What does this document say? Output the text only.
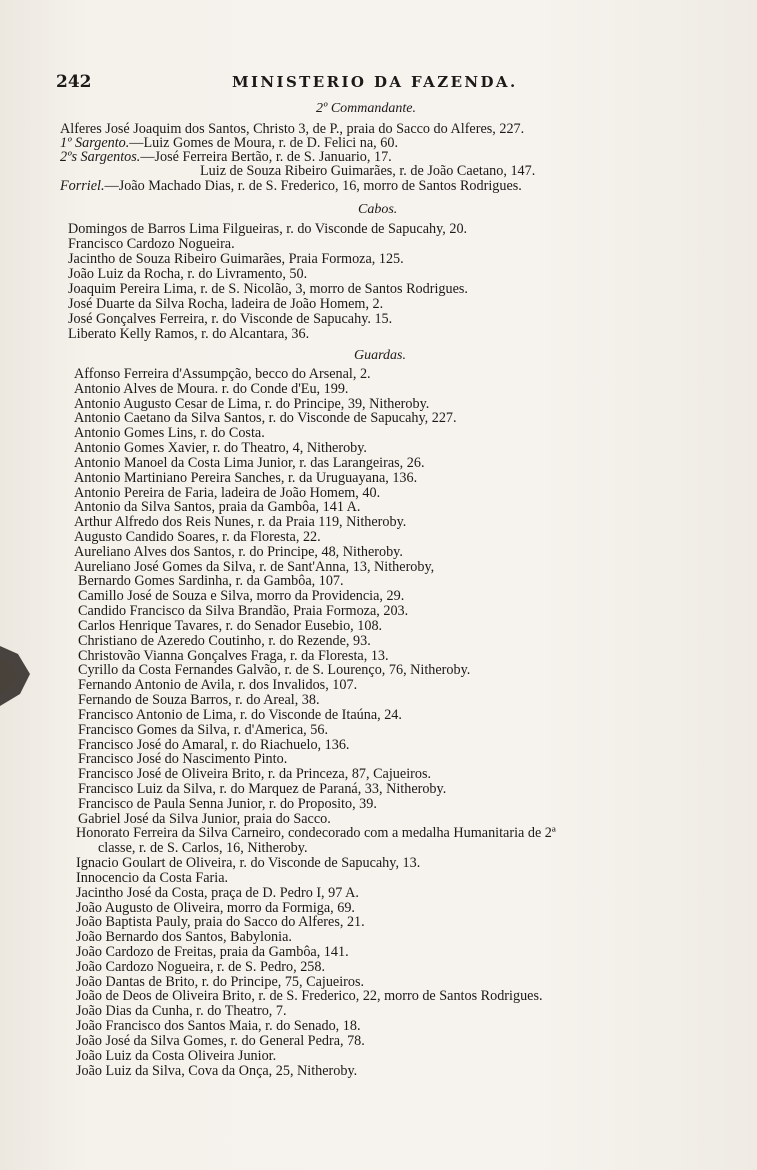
242	MINISTERIO DA FAZENDA.
2º Commandante.
Alferes José Joaquim dos Santos, Christo 3, de P., praia do Sacco do Alferes, 227.
1º Sargento.—Luiz Gomes de Moura, r. de D. Felici na, 60.
2ºs Sargentos.—José Ferreira Bertão, r. de S. Januario, 17.
Luiz de Souza Ribeiro Guimarães, r. de João Caetano, 147.
Forriel.—João Machado Dias, r. de S. Frederico, 16, morro de Santos Rodrigues.
Cabos.
Domingos de Barros Lima Filgueiras, r. do Visconde de Sapucahy, 20.
Francisco Cardozo Nogueira.
Jacintho de Souza Ribeiro Guimarães, Praia Formoza, 125.
João Luiz da Rocha, r. do Livramento, 50.
Joaquim Pereira Lima, r. de S. Nicolão, 3, morro de Santos Rodrigues.
José Duarte da Silva Rocha, ladeira de João Homem, 2.
José Gonçalves Ferreira, r. do Visconde de Sapucahy. 15.
Liberato Kelly Ramos, r. do Alcantara, 36.
Guardas.
Affonso Ferreira d'Assumpção, becco do Arsenal, 2.
Antonio Alves de Moura. r. do Conde d'Eu, 199.
Antonio Augusto Cesar de Lima, r. do Principe, 39, Nitheroby.
Antonio Caetano da Silva Santos, r. do Visconde de Sapucahy, 227.
Antonio Gomes Lins, r. do Costa.
Antonio Gomes Xavier, r. do Theatro, 4, Nitheroby.
Antonio Manoel da Costa Lima Junior, r. das Larangeiras, 26.
Antonio Martiniano Pereira Sanches, r. da Uruguayana, 136.
Antonio Pereira de Faria, ladeira de João Homem, 40.
Antonio da Silva Santos, praia da Gambôa, 141 A.
Arthur Alfredo dos Reis Nunes, r. da Praia 119, Nitheroby.
Augusto Candido Soares, r. da Floresta, 22.
Aureliano Alves dos Santos, r. do Principe, 48, Nitheroby.
Aureliano José Gomes da Silva, r. de Sant'Anna, 13, Nitheroby,
Bernardo Gomes Sardinha, r. da Gambôa, 107.
Camillo José de Souza e Silva, morro da Providencia, 29.
Candido Francisco da Silva Brandão, Praia Formoza, 203.
Carlos Henrique Tavares, r. do Senador Eusebio, 108.
Christiano de Azeredo Coutinho, r. do Rezende, 93.
Christovão Vianna Gonçalves Fraga, r. da Floresta, 13.
Cyrillo da Costa Fernandes Galvão, r. de S. Lourenço, 76, Nitheroby.
Fernando Antonio de Avila, r. dos Invalidos, 107.
Fernando de Souza Barros, r. do Areal, 38.
Francisco Antonio de Lima, r. do Visconde de Itaúna, 24.
Francisco Gomes da Silva, r. d'America, 56.
Francisco José do Amaral, r. do Riachuelo, 136.
Francisco José do Nascimento Pinto.
Francisco José de Oliveira Brito, r. da Princeza, 87, Cajueiros.
Francisco Luiz da Silva, r. do Marquez de Paraná, 33, Nitheroby.
Francisco de Paula Senna Junior, r. do Proposito, 39.
Gabriel José da Silva Junior, praia do Sacco.
Honorato Ferreira da Silva Carneiro, condecorado com a medalha Humanitaria de 2ª
classe, r. de S. Carlos, 16, Nitheroby.
Ignacio Goulart de Oliveira, r. do Visconde de Sapucahy, 13.
Innocencio da Costa Faria.
Jacintho José da Costa, praça de D. Pedro I, 97 A.
João Augusto de Oliveira, morro da Formiga, 69.
João Baptista Pauly, praia do Sacco do Alferes, 21.
João Bernardo dos Santos, Babylonia.
João Cardozo de Freitas, praia da Gambôa, 141.
João Cardozo Nogueira, r. de S. Pedro, 258.
João Dantas de Brito, r. do Principe, 75, Cajueiros.
João de Deos de Oliveira Brito, r. de S. Frederico, 22, morro de Santos Rodrigues.
João Dias da Cunha, r. do Theatro, 7.
João Francisco dos Santos Maia, r. do Senado, 18.
João José da Silva Gomes, r. do General Pedra, 78.
João Luiz da Costa Oliveira Junior.
João Luiz da Silva, Cova da Onça, 25, Nitheroby.
